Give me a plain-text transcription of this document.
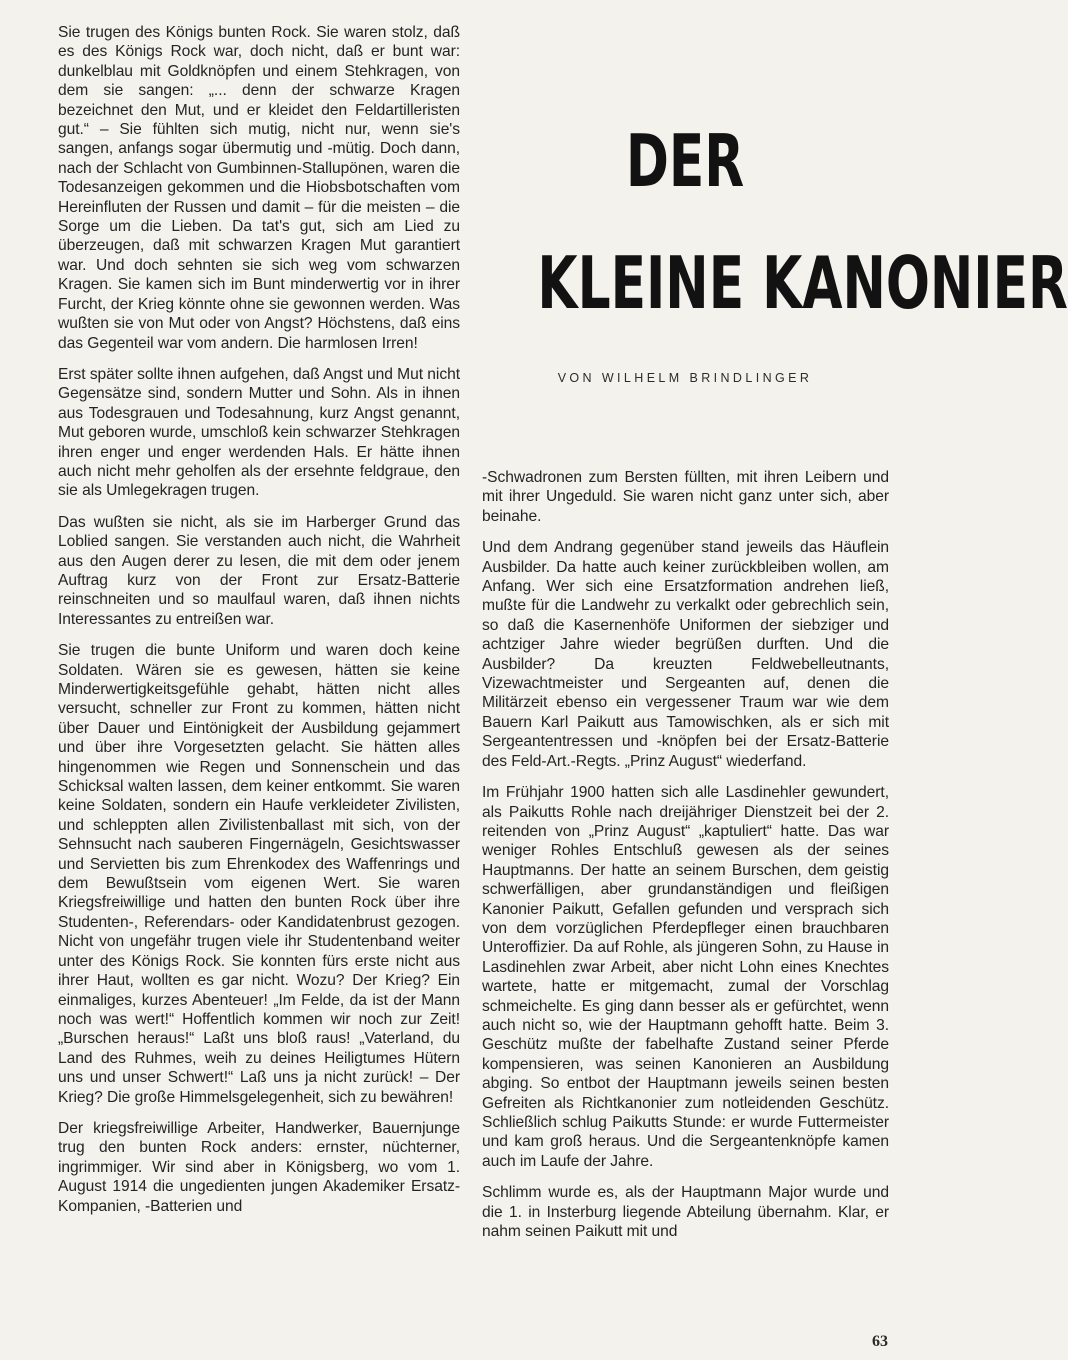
Sie trugen des Königs bunten Rock. Sie waren stolz, daß es des Königs Rock war, doch nicht, daß er bunt war: dunkelblau mit Goldknöpfen und einem Stehkragen, von dem sie sangen: „... denn der schwarze Kragen bezeichnet den Mut, und er kleidet den Feldartilleristen gut.“ – Sie fühlten sich mutig, nicht nur, wenn sie's sangen, anfangs sogar übermutig und -mütig. Doch dann, nach der Schlacht von Gumbinnen-Stallupönen, waren die Todesanzeigen gekommen und die Hiobsbotschaften vom Hereinfluten der Russen und damit – für die meisten – die Sorge um die Lieben. Da tat's gut, sich am Lied zu überzeugen, daß mit schwarzen Kragen Mut garantiert war. Und doch sehnten sie sich weg vom schwarzen Kragen. Sie kamen sich im Bunt minderwertig vor in ihrer Furcht, der Krieg könnte ohne sie gewonnen werden. Was wußten sie von Mut oder von Angst? Höchstens, daß eins das Gegenteil war vom andern. Die harmlosen Irren!

Erst später sollte ihnen aufgehen, daß Angst und Mut nicht Gegensätze sind, sondern Mutter und Sohn. Als in ihnen aus Todesgrauen und Todesahnung, kurz Angst genannt, Mut geboren wurde, umschloß kein schwarzer Stehkragen ihren enger und enger werdenden Hals. Er hätte ihnen auch nicht mehr geholfen als der ersehnte feldgraue, den sie als Umlegekragen trugen.

Das wußten sie nicht, als sie im Harberger Grund das Loblied sangen. Sie verstanden auch nicht, die Wahrheit aus den Augen derer zu lesen, die mit dem oder jenem Auftrag kurz von der Front zur Ersatz-Batterie reinschneiten und so maulfaul waren, daß ihnen nichts Interessantes zu entreißen war.

Sie trugen die bunte Uniform und waren doch keine Soldaten. Wären sie es gewesen, hätten sie keine Minderwertigkeitsgefühle gehabt, hätten nicht alles versucht, schneller zur Front zu kommen, hätten nicht über Dauer und Eintönigkeit der Ausbildung gejammert und über ihre Vorgesetzten gelacht. Sie hätten alles hingenommen wie Regen und Sonnenschein und das Schicksal walten lassen, dem keiner entkommt. Sie waren keine Soldaten, sondern ein Haufe verkleideter Zivilisten, und schleppten allen Zivilistenballast mit sich, von der Sehnsucht nach sauberen Fingernägeln, Gesichtswasser und Servietten bis zum Ehrenkodex des Waffenrings und dem Bewußtsein vom eigenen Wert. Sie waren Kriegsfreiwillige und hatten den bunten Rock über ihre Studenten-, Referendars- oder Kandidatenbrust gezogen. Nicht von ungefähr trugen viele ihr Studentenband weiter unter des Königs Rock. Sie konnten fürs erste nicht aus ihrer Haut, wollten es gar nicht. Wozu? Der Krieg? Ein einmaliges, kurzes Abenteuer! „Im Felde, da ist der Mann noch was wert!“ Hoffentlich kommen wir noch zur Zeit! „Burschen heraus!“ Laßt uns bloß raus! „Vaterland, du Land des Ruhmes, weih zu deines Heiligtumes Hütern uns und unser Schwert!“ Laß uns ja nicht zurück! – Der Krieg? Die große Himmelsgelegenheit, sich zu bewähren!

Der kriegsfreiwillige Arbeiter, Handwerker, Bauernjunge trug den bunten Rock anders: ernster, nüchterner, ingrimmiger. Wir sind aber in Königsberg, wo vom 1. August 1914 die ungedienten jungen Akademiker Ersatz-Kompanien, -Batterien und

DER
KLEINE KANONIER
VON WILHELM BRINDLINGER

-Schwadronen zum Bersten füllten, mit ihren Leibern und mit ihrer Ungeduld. Sie waren nicht ganz unter sich, aber beinahe.

Und dem Andrang gegenüber stand jeweils das Häuflein Ausbilder. Da hatte auch keiner zurückbleiben wollen, am Anfang. Wer sich eine Ersatzformation andrehen ließ, mußte für die Landwehr zu verkalkt oder gebrechlich sein, so daß die Kasernenhöfe Uniformen der siebziger und achtziger Jahre wieder begrüßen durften. Und die Ausbilder? Da kreuzten Feldwebelleutnants, Vizewachtmeister und Sergeanten auf, denen die Militärzeit ebenso ein vergessener Traum war wie dem Bauern Karl Paikutt aus Tamowischken, als er sich mit Sergeantentressen und -knöpfen bei der Ersatz-Batterie des Feld-Art.-Regts. „Prinz August“ wiederfand.

Im Frühjahr 1900 hatten sich alle Lasdinehler gewundert, als Paikutts Rohle nach dreijähriger Dienstzeit bei der 2. reitenden von „Prinz August“ „kaptuliert“ hatte. Das war weniger Rohles Entschluß gewesen als der seines Hauptmanns. Der hatte an seinem Burschen, dem geistig schwerfälligen, aber grundanständigen und fleißigen Kanonier Paikutt, Gefallen gefunden und versprach sich von dem vorzüglichen Pferdepfleger einen brauchbaren Unteroffizier. Da auf Rohle, als jüngeren Sohn, zu Hause in Lasdinehlen zwar Arbeit, aber nicht Lohn eines Knechtes wartete, hatte er mitgemacht, zumal der Vorschlag schmeichelte. Es ging dann besser als er gefürchtet, wenn auch nicht so, wie der Hauptmann gehofft hatte. Beim 3. Geschütz mußte der fabelhafte Zustand seiner Pferde kompensieren, was seinen Kanonieren an Ausbildung abging. So entbot der Hauptmann jeweils seinen besten Gefreiten als Richtkanonier zum notleidenden Geschütz. Schließlich schlug Paikutts Stunde: er wurde Futtermeister und kam groß heraus. Und die Sergeantenknöpfe kamen auch im Laufe der Jahre.

Schlimm wurde es, als der Hauptmann Major wurde und die 1. in Insterburg liegende Abteilung übernahm. Klar, er nahm seinen Paikutt mit und

63
